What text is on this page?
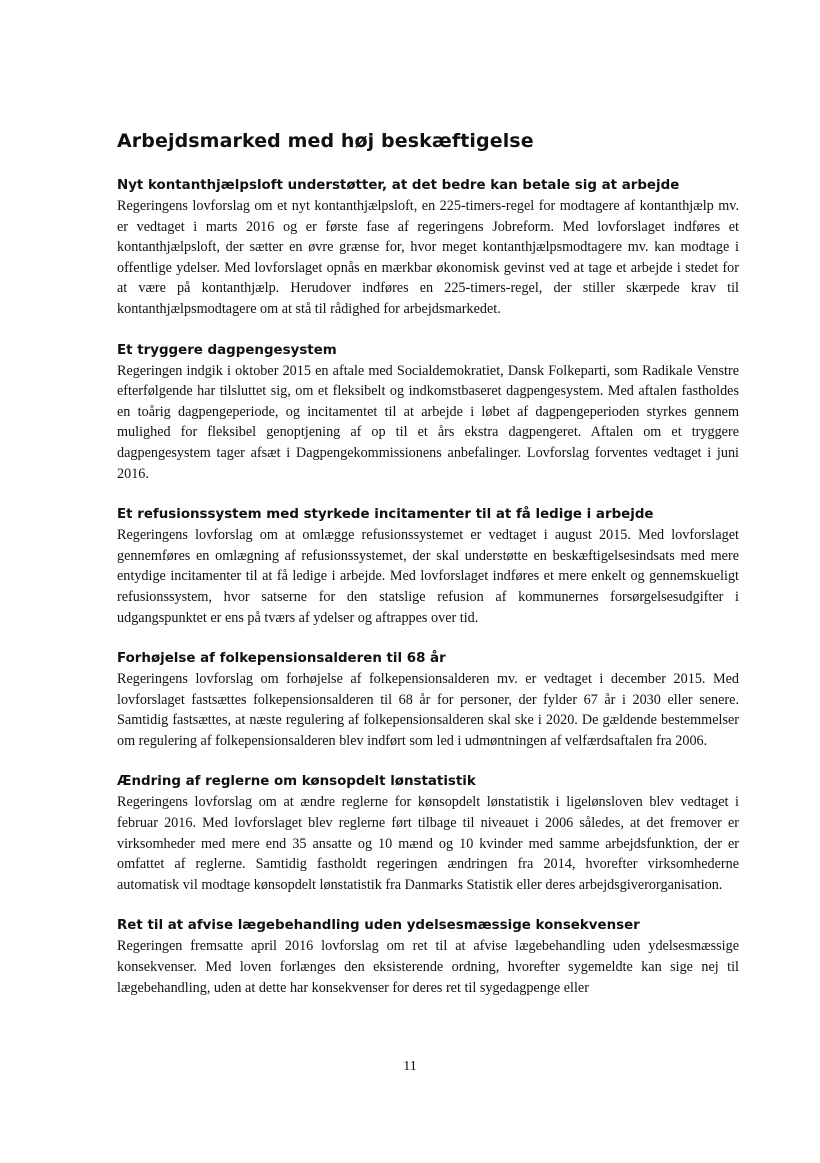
Arbejdsmarked med høj beskæftigelse
Nyt kontanthjælpsloft understøtter, at det bedre kan betale sig at arbejde

Regeringens lovforslag om et nyt kontanthjælpsloft, en 225-timers-regel for modtagere af kontanthjælp mv. er vedtaget i marts 2016 og er første fase af regeringens Jobreform. Med lovforslaget indføres et kontanthjælpsloft, der sætter en øvre grænse for, hvor meget kontanthjælpsmodtagere mv. kan modtage i offentlige ydelser. Med lovforslaget opnås en mærkbar økonomisk gevinst ved at tage et arbejde i stedet for at være på kontanthjælp. Herudover indføres en 225-timers-regel, der stiller skærpede krav til kontanthjælpsmodtagere om at stå til rådighed for arbejdsmarkedet.

Et tryggere dagpengesystem

Regeringen indgik i oktober 2015 en aftale med Socialdemokratiet, Dansk Folkeparti, som Radikale Venstre efterfølgende har tilsluttet sig, om et fleksibelt og indkomstbaseret dagpengesystem. Med aftalen fastholdes en toårig dagpengeperiode, og incitamentet til at arbejde i løbet af dagpengeperioden styrkes gennem mulighed for fleksibel genoptjening af op til et års ekstra dagpengeret. Aftalen om et tryggere dagpengesystem tager afsæt i Dagpengekommissionens anbefalinger. Lovforslag forventes vedtaget i juni 2016.

Et refusionssystem med styrkede incitamenter til at få ledige i arbejde

Regeringens lovforslag om at omlægge refusionssystemet er vedtaget i august 2015. Med lovforslaget gennemføres en omlægning af refusionssystemet, der skal understøtte en beskæftigelsesindsats med mere entydige incitamenter til at få ledige i arbejde. Med lovforslaget indføres et mere enkelt og gennemskueligt refusionssystem, hvor satserne for den statslige refusion af kommunernes forsørgelsesudgifter i udgangspunktet er ens på tværs af ydelser og aftrappes over tid.

Forhøjelse af folkepensionsalderen til 68 år

Regeringens lovforslag om forhøjelse af folkepensionsalderen mv. er vedtaget i december 2015. Med lovforslaget fastsættes folkepensionsalderen til 68 år for personer, der fylder 67 år i 2030 eller senere. Samtidig fastsættes, at næste regulering af folkepensionsalderen skal ske i 2020. De gældende bestemmelser om regulering af folkepensionsalderen blev indført som led i udmøntningen af velfærdsaftalen fra 2006.

Ændring af reglerne om kønsopdelt lønstatistik

Regeringens lovforslag om at ændre reglerne for kønsopdelt lønstatistik i ligelønsloven blev vedtaget i februar 2016. Med lovforslaget blev reglerne ført tilbage til niveauet i 2006 således, at det fremover er virksomheder med mere end 35 ansatte og 10 mænd og 10 kvinder med samme arbejdsfunktion, der er omfattet af reglerne. Samtidig fastholdt regeringen ændringen fra 2014, hvorefter virksomhederne automatisk vil modtage kønsopdelt lønstatistik fra Danmarks Statistik eller deres arbejdsgiverorganisation.

Ret til at afvise lægebehandling uden ydelsesmæssige konsekvenser

Regeringen fremsatte april 2016 lovforslag om ret til at afvise lægebehandling uden ydelsesmæssige konsekvenser. Med loven forlænges den eksisterende ordning, hvorefter sygemeldte kan sige nej til lægebehandling, uden at dette har konsekvenser for deres ret til sygedagpenge eller

11
